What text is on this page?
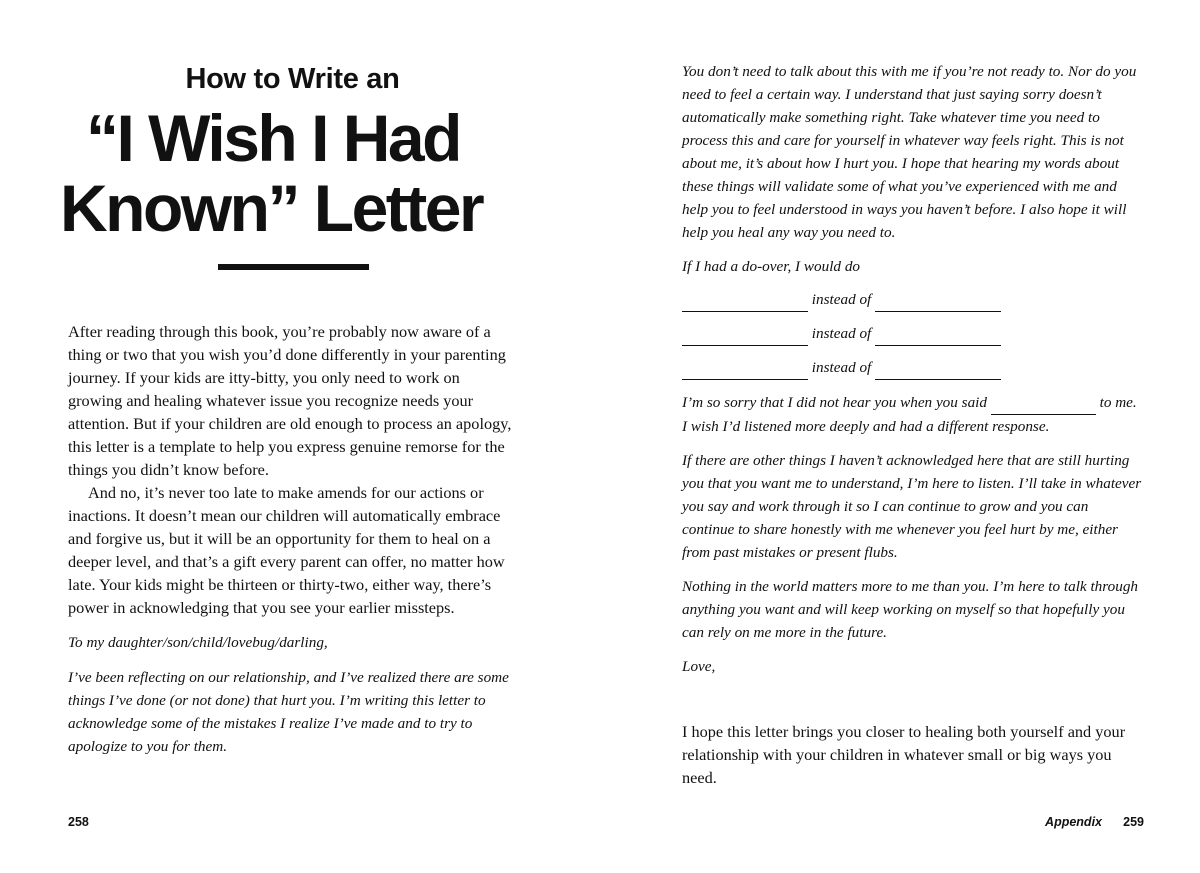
How to Write an
“I Wish I Had
Known” Letter

After reading through this book, you’re probably now aware of a thing or two that you wish you’d done differently in your parenting journey. If your kids are itty-bitty, you only need to work on growing and healing whatever issue you recognize needs your attention. But if your children are old enough to process an apology, this letter is a template to help you express genuine remorse for the things you didn’t know before.

And no, it’s never too late to make amends for our actions or inactions. It doesn’t mean our children will automatically embrace and forgive us, but it will be an opportunity for them to heal on a deeper level, and that’s a gift every parent can offer, no matter how late. Your kids might be thirteen or thirty-two, either way, there’s power in acknowledging that you see your earlier missteps.

To my daughter/son/child/lovebug/darling,

I’ve been reflecting on our relationship, and I’ve realized there are some things I’ve done (or not done) that hurt you. I’m writing this letter to acknowledge some of the mistakes I realize I’ve made and to try to apologize to you for them.

258

You don’t need to talk about this with me if you’re not ready to. Nor do you need to feel a certain way. I understand that just saying sorry doesn’t automatically make something right. Take whatever time you need to process this and care for yourself in whatever way feels right. This is not about me, it’s about how I hurt you. I hope that hearing my words about these things will validate some of what you’ve experienced with me and help you to feel understood in ways you haven’t before. I also hope it will help you heal any way you need to.

If I had a do-over, I would do

instead of
instead of
instead of

I’m so sorry that I did not hear you when you said	to me. I wish I’d listened more deeply and had a different response.

If there are other things I haven’t acknowledged here that are still hurting you that you want me to understand, I’m here to listen. I’ll take in whatever you say and work through it so I can continue to grow and you can continue to share honestly with me whenever you feel hurt by me, either from past mistakes or present flubs.

Nothing in the world matters more to me than you. I’m here to talk through anything you want and will keep working on myself so that hopefully you can rely on me more in the future.

Love,

I hope this letter brings you closer to healing both yourself and your relationship with your children in whatever small or big ways you need.

Appendix 259
